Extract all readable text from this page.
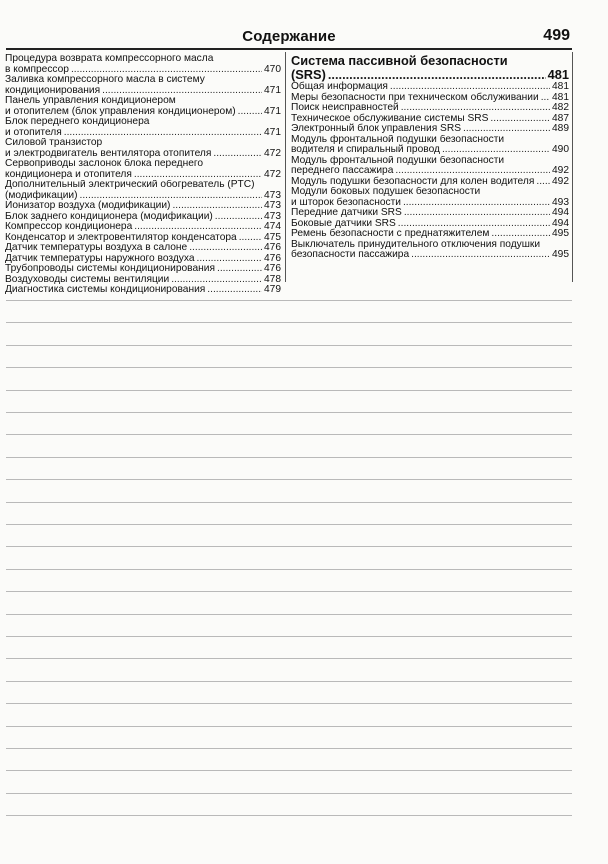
Содержание	499
Процедура возврата компрессорного масла
в компрессор .....	470
Заливка компрессорного масла в систему
кондиционирования .....	471
Панель управления кондиционером
и отопителем (блок управления кондиционером) .....	471
Блок переднего кондиционера
и отопителя .....	471
Силовой транзистор
и электродвигатель вентилятора отопителя .....	472
Сервоприводы заслонок блока переднего
кондиционера и отопителя .....	472
Дополнительный электрический обогреватель (PTC)
(модификации) .....	473
Ионизатор воздуха (модификации) .....	473
Блок заднего кондиционера (модификации) .....	473
Компрессор кондиционера .....	474
Конденсатор и электровентилятор конденсатора .....	475
Датчик температуры воздуха в салоне .....	476
Датчик температуры наружного воздуха .....	476
Трубопроводы системы кондиционирования .....	476
Воздуховоды системы вентиляции .....	478
Диагностика системы кондиционирования .....	479
Система пассивной безопасности
(SRS) .....	481
Общая информация .....	481
Меры безопасности при техническом обслуживании ..... 481
Поиск неисправностей .....	482
Техническое обслуживание системы SRS .....	487
Электронный блок управления SRS .....	489
Модуль фронтальной подушки безопасности
водителя и спиральный провод .....	490
Модуль фронтальной подушки безопасности
переднего пассажира .....	492
Модуль подушки безопасности для колен водителя ..... 492
Модули боковых подушек безопасности
и шторок безопасности .....	493
Передние датчики SRS .....	494
Боковые датчики SRS .....	494
Ремень безопасности с преднатяжителем .....	495
Выключатель принудительного отключения подушки
безопасности пассажира .....	495
